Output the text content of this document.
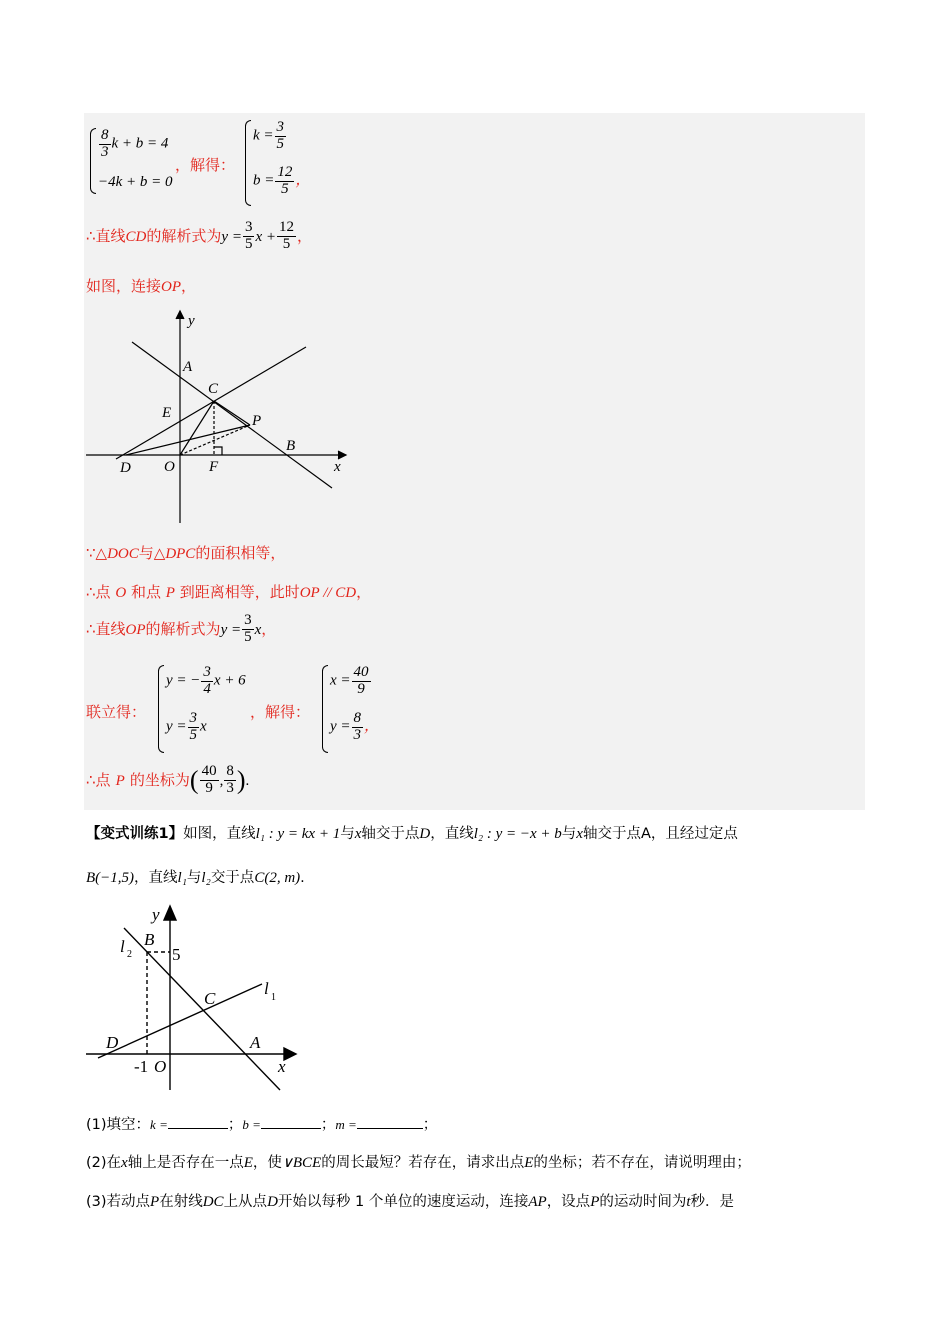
$\frac{8}{3}$ k + b = 4
−4k + b = 0
，解得：
$k = \frac{3}{5}$
$b = \frac{12}{5}$ ，
∴直线CD的解析式为$y = \frac{3}{5}$ $x + \frac{12}{5}$ ，
如图，连接OP，
y
x
A
C
E	P
B
D O F
∵△DOC与△DPC的面积相等，
∴点 O 和点 P 到距离相等，此时OP // CD，
∴直线OP的解析式为$y = \frac{3}{5}$ x，
联立得：
y = − $\frac{3}{4}$ x + 6
$y = \frac{3}{5}$ x
，解得：
$x = \frac{40}{9}$
$y = \frac{8}{3}$ ，
∴点 P 的坐标为( $\frac{40}{9}$ , $\frac{8}{3}$ ).
【变式训练1】如图，直线l₁ : y = kx + 1与x轴交于点D，直线l₂ : y = −x + b与x轴交于点A，且经过定点
B(−1,5)，直线l₁与l₂交于点C(2, m).
y
x
l 2
B
5
C
l 1
D	A
-1 O
(1)填空：k =	；b =	；m =	；
(2)在x轴上是否存在一点E，使∨BCE的周长最短？若存在，请求出点E的坐标；若不存在，请说明理由；
(3)若动点P在射线DC上从点D开始以每秒 1 个单位的速度运动，连接AP，设点P的运动时间为t秒．是
